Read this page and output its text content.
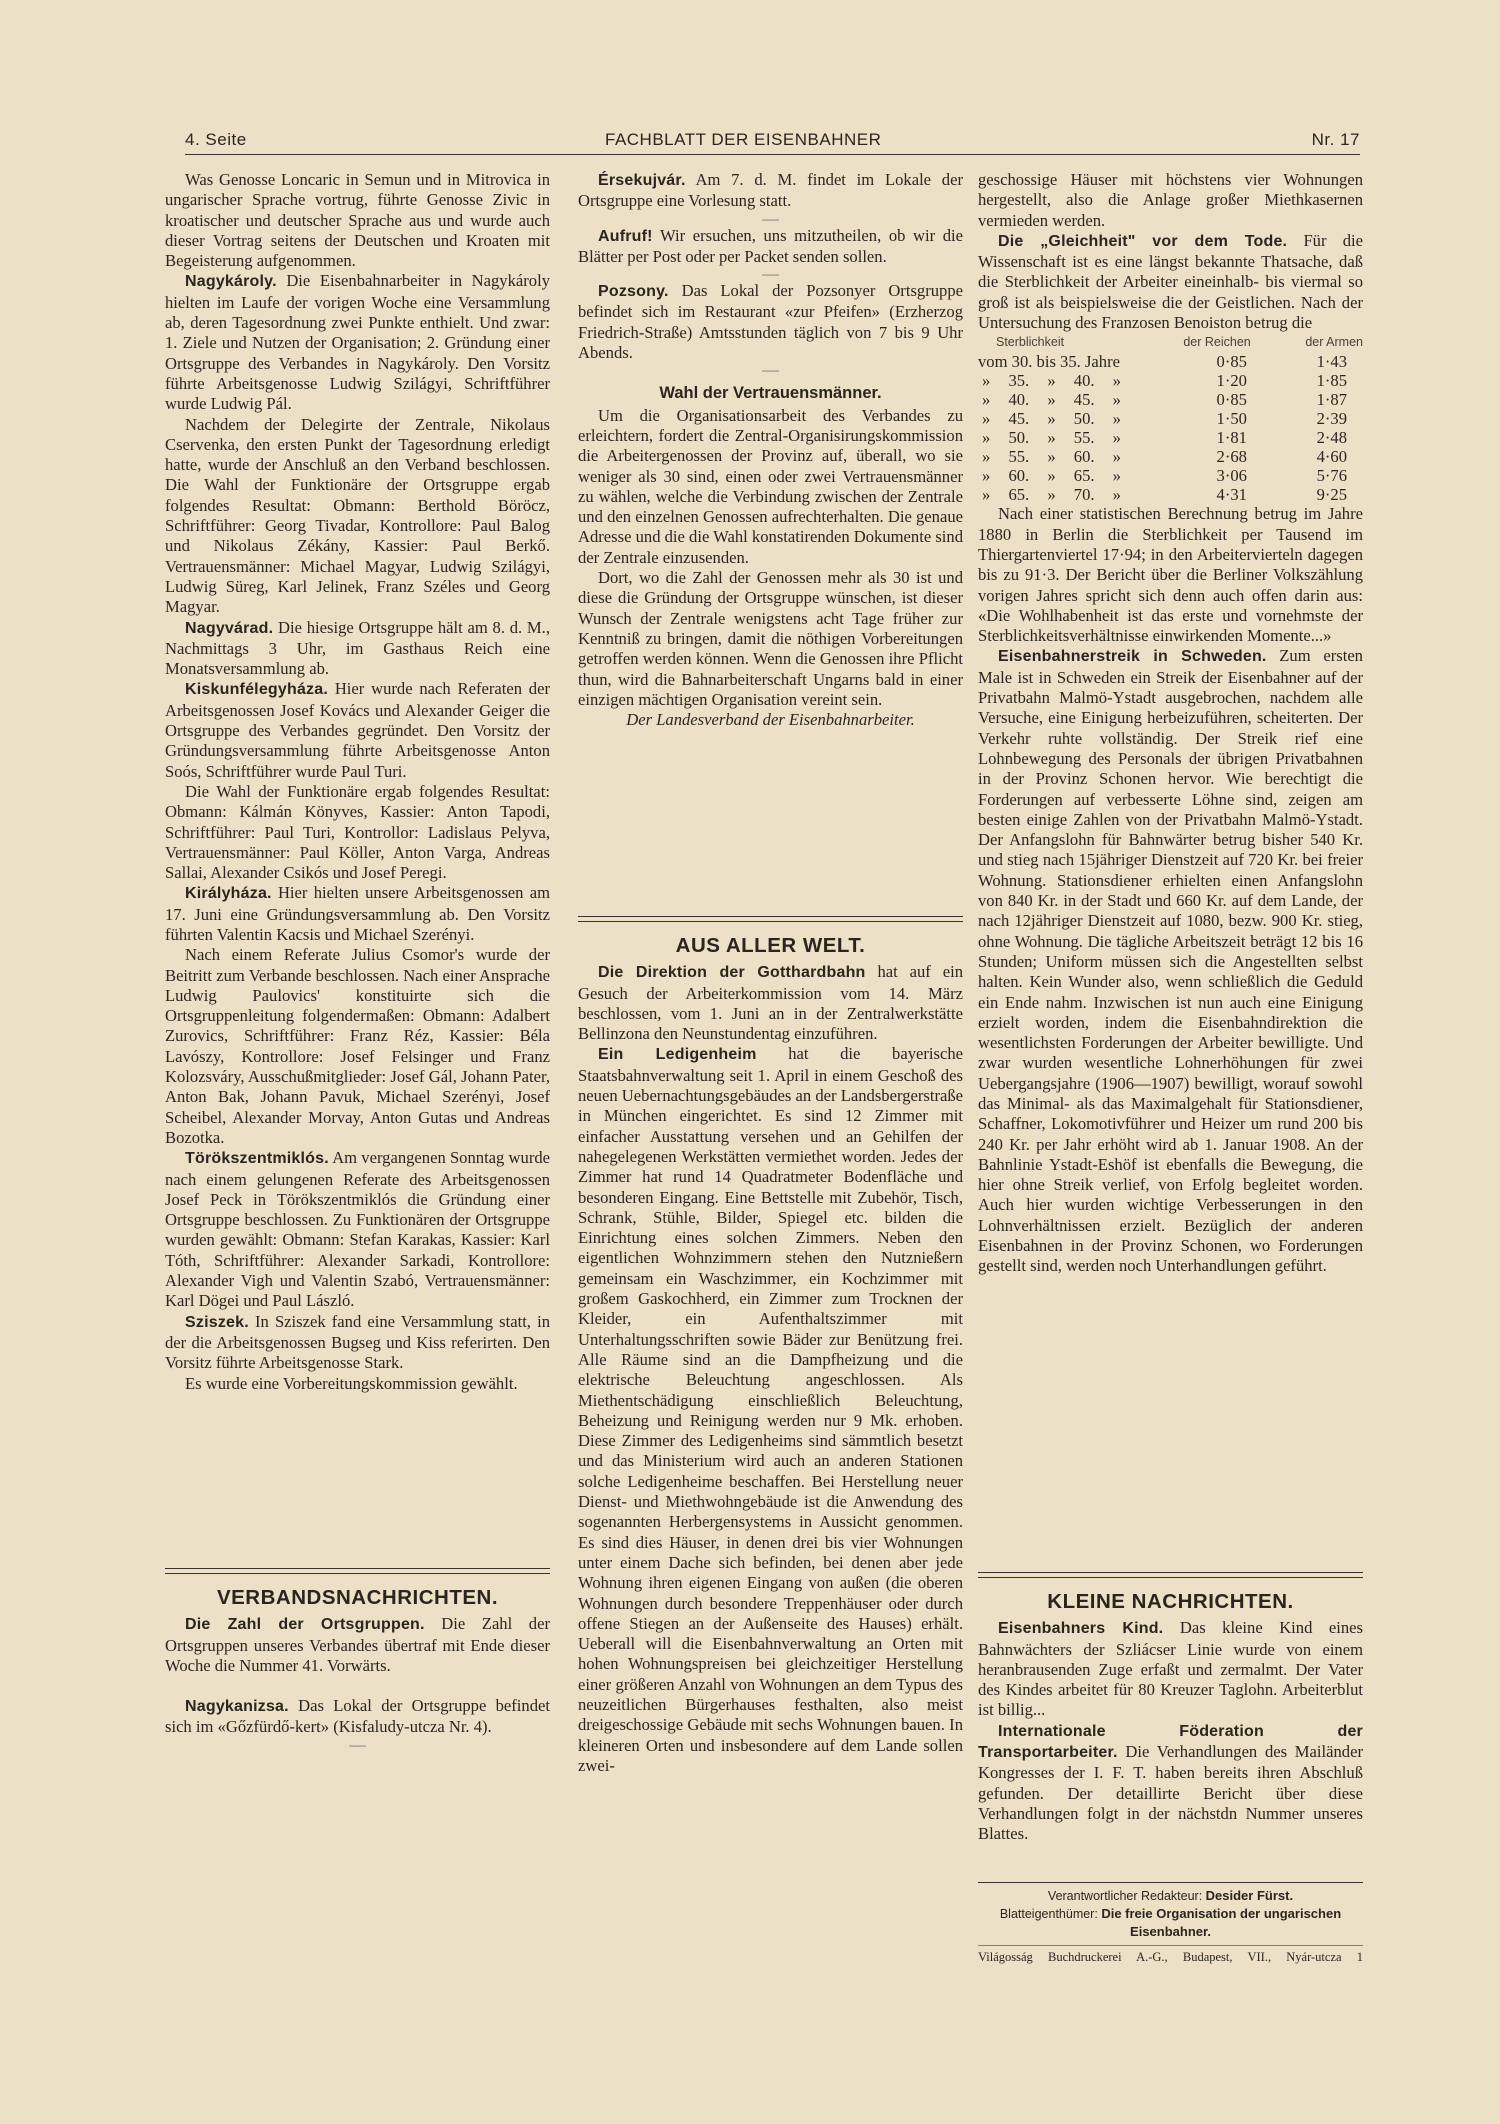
4. Seite	FACHBLATT DER EISENBAHNER	Nr. 17

Was Genosse Loncaric in Semun und in Mitrovica in ungarischer Sprache vortrug, führte Genosse Zivic in kroatischer und deutscher Sprache aus und wurde auch dieser Vortrag seitens der Deutschen und Kroaten mit Begeisterung aufgenommen.

Nagykároly. Die Eisenbahnarbeiter in Nagykároly hielten im Laufe der vorigen Woche eine Versammlung ab, deren Tagesordnung zwei Punkte enthielt. Und zwar: 1. Ziele und Nutzen der Organisation; 2. Gründung einer Ortsgruppe des Verbandes in Nagykároly. Den Vorsitz führte Arbeitsgenosse Ludwig Szilágyi, Schriftführer wurde Ludwig Pál.

Nachdem der Delegirte der Zentrale, Nikolaus Cservenka, den ersten Punkt der Tagesordnung erledigt hatte, wurde der Anschluß an den Verband beschlossen. Die Wahl der Funktionäre der Ortsgruppe ergab folgendes Resultat: Obmann: Berthold Böröcz, Schriftführer: Georg Tivadar, Kontrollore: Paul Balog und Nikolaus Zékány, Kassier: Paul Berkő. Vertrauensmänner: Michael Magyar, Ludwig Szilágyi, Ludwig Süreg, Karl Jelinek, Franz Széles und Georg Magyar.

Nagyvárad. Die hiesige Ortsgruppe hält am 8. d. M., Nachmittags 3 Uhr, im Gasthaus Reich eine Monatsversammlung ab.

Kiskunfélegyháza. Hier wurde nach Referaten der Arbeitsgenossen Josef Kovács und Alexander Geiger die Ortsgruppe des Verbandes gegründet. Den Vorsitz der Gründungsversammlung führte Arbeitsgenosse Anton Soós, Schriftführer wurde Paul Turi.

Die Wahl der Funktionäre ergab folgendes Resultat: Obmann: Kálmán Könyves, Kassier: Anton Tapodi, Schriftführer: Paul Turi, Kontrollor: Ladislaus Pelyva, Vertrauensmänner: Paul Köller, Anton Varga, Andreas Sallai, Alexander Csikós und Josef Peregi.

Királyháza. Hier hielten unsere Arbeitsgenossen am 17. Juni eine Gründungsversammlung ab. Den Vorsitz führten Valentin Kacsis und Michael Szerényi.

Nach einem Referate Julius Csomor's wurde der Beitritt zum Verbande beschlossen. Nach einer Ansprache Ludwig Paulovics' konstituirte sich die Ortsgruppenleitung folgendermaßen: Obmann: Adalbert Zurovics, Schriftführer: Franz Réz, Kassier: Béla Lavószy, Kontrollore: Josef Felsinger und Franz Kolozsváry, Ausschußmitglieder: Josef Gál, Johann Pater, Anton Bak, Johann Pavuk, Michael Szerényi, Josef Scheibel, Alexander Morvay, Anton Gutas und Andreas Bozotka.

Törökszentmiklós. Am vergangenen Sonntag wurde nach einem gelungenen Referate des Arbeitsgenossen Josef Peck in Törökszentmiklós die Gründung einer Ortsgruppe beschlossen. Zu Funktionären der Ortsgruppe wurden gewählt: Obmann: Stefan Karakas, Kassier: Karl Tóth, Schriftführer: Alexander Sarkadi, Kontrollore: Alexander Vigh und Valentin Szabó, Vertrauensmänner: Karl Dögei und Paul László.

Sziszek. In Sziszek fand eine Versammlung statt, in der die Arbeitsgenossen Bugseg und Kiss referirten. Den Vorsitz führte Arbeitsgenosse Stark.

Es wurde eine Vorbereitungskommission gewählt.

VERBANDSNACHRICHTEN.

Die Zahl der Ortsgruppen. Die Zahl der Ortsgruppen unseres Verbandes übertraf mit Ende dieser Woche die Nummer 41. Vorwärts.

Nagykanizsa. Das Lokal der Ortsgruppe befindet sich im «Gőzfürdő-kert» (Kisfaludy-utcza Nr. 4).

—

Érsekujvár. Am 7. d. M. findet im Lokale der Ortsgruppe eine Vorlesung statt.

—

Aufruf! Wir ersuchen, uns mitzutheilen, ob wir die Blätter per Post oder per Packet senden sollen.

—

Pozsony. Das Lokal der Pozsonyer Ortsgruppe befindet sich im Restaurant «zur Pfeifen» (Erzherzog Friedrich-Straße) Amtsstunden täglich von 7 bis 9 Uhr Abends.

—

Wahl der Vertrauensmänner.

Um die Organisationsarbeit des Verbandes zu erleichtern, fordert die Zentral-Organisirungskommission die Arbeitergenossen der Provinz auf, überall, wo sie weniger als 30 sind, einen oder zwei Vertrauensmänner zu wählen, welche die Verbindung zwischen der Zentrale und den einzelnen Genossen aufrechterhalten. Die genaue Adresse und die die Wahl konstatirenden Dokumente sind der Zentrale einzusenden.

Dort, wo die Zahl der Genossen mehr als 30 ist und diese die Gründung der Ortsgruppe wünschen, ist dieser Wunsch der Zentrale wenigstens acht Tage früher zur Kenntniß zu bringen, damit die nöthigen Vorbereitungen getroffen werden können. Wenn die Genossen ihre Pflicht thun, wird die Bahnarbeiterschaft Ungarns bald in einer einzigen mächtigen Organisation vereint sein.

Der Landesverband der Eisenbahnarbeiter.

AUS ALLER WELT.

Die Direktion der Gotthardbahn hat auf ein Gesuch der Arbeiterkommission vom 14. März beschlossen, vom 1. Juni an in der Zentralwerkstätte Bellinzona den Neunstundentag einzuführen.

Ein Ledigenheim hat die bayerische Staatsbahnverwaltung seit 1. April in einem Geschoß des neuen Uebernachtungsgebäudes an der Landsbergerstraße in München eingerichtet. Es sind 12 Zimmer mit einfacher Ausstattung versehen und an Gehilfen der nahegelegenen Werkstätten vermiethet worden. Jedes der Zimmer hat rund 14 Quadratmeter Bodenfläche und besonderen Eingang. Eine Bettstelle mit Zubehör, Tisch, Schrank, Stühle, Bilder, Spiegel etc. bilden die Einrichtung eines solchen Zimmers. Neben den eigentlichen Wohnzimmern stehen den Nutznießern gemeinsam ein Waschzimmer, ein Kochzimmer mit großem Gaskochherd, ein Zimmer zum Trocknen der Kleider, ein Aufenthaltszimmer mit Unterhaltungsschriften sowie Bäder zur Benützung frei. Alle Räume sind an die Dampfheizung und die elektrische Beleuchtung angeschlossen. Als Miethentschädigung einschließlich Beleuchtung, Beheizung und Reinigung werden nur 9 Mk. erhoben. Diese Zimmer des Ledigenheims sind sämmtlich besetzt und das Ministerium wird auch an anderen Stationen solche Ledigenheime beschaffen. Bei Herstellung neuer Dienst- und Miethwohngebäude ist die Anwendung des sogenannten Herbergensystems in Aussicht genommen. Es sind dies Häuser, in denen drei bis vier Wohnungen unter einem Dache sich befinden, bei denen aber jede Wohnung ihren eigenen Eingang von außen (die oberen Wohnungen durch besondere Treppenhäuser oder durch offene Stiegen an der Außenseite des Hauses) erhält. Ueberall will die Eisenbahnverwaltung an Orten mit hohen Wohnungspreisen bei gleichzeitiger Herstellung einer größeren Anzahl von Wohnungen an dem Typus des neuzeitlichen Bürgerhauses festhalten, also meist dreigeschossige Gebäude mit sechs Wohnungen bauen. In kleineren Orten und insbesondere auf dem Lande sollen zwei-

geschossige Häuser mit höchstens vier Wohnungen hergestellt, also die Anlage großer Miethkasernen vermieden werden.

Die „Gleichheit" vor dem Tode. Für die Wissenschaft ist es eine längst bekannte Thatsache, daß die Sterblichkeit der Arbeiter eineinhalb- bis viermal so groß ist als beispielsweise die der Geistlichen. Nach der Untersuchung des Franzosen Benoiston betrug die

Sterblichkeit	der Reichen	der Armen
vom 30. bis 35. Jahre	0·85	1·43
» 35. » 40. »	1·20	1·85
» 40. » 45. »	0·85	1·87
» 45. » 50. »	1·50	2·39
» 50. » 55. »	1·81	2·48
» 55. » 60. »	2·68	4·60
» 60. » 65. »	3·06	5·76
» 65. » 70. »	4·31	9·25

Nach einer statistischen Berechnung betrug im Jahre 1880 in Berlin die Sterblichkeit per Tausend im Thiergartenviertel 17·94; in den Arbeitervierteln dagegen bis zu 91·3. Der Bericht über die Berliner Volkszählung vorigen Jahres spricht sich denn auch offen darin aus: «Die Wohlhabenheit ist das erste und vornehmste der Sterblichkeitsverhältnisse einwirkenden Momente...»

Eisenbahnerstreik in Schweden. Zum ersten Male ist in Schweden ein Streik der Eisenbahner auf der Privatbahn Malmö-Ystadt ausgebrochen, nachdem alle Versuche, eine Einigung herbeizuführen, scheiterten. Der Verkehr ruhte vollständig. Der Streik rief eine Lohnbewegung des Personals der übrigen Privatbahnen in der Provinz Schonen hervor. Wie berechtigt die Forderungen auf verbesserte Löhne sind, zeigen am besten einige Zahlen von der Privatbahn Malmö-Ystadt. Der Anfangslohn für Bahnwärter betrug bisher 540 Kr. und stieg nach 15jähriger Dienstzeit auf 720 Kr. bei freier Wohnung. Stationsdiener erhielten einen Anfangslohn von 840 Kr. in der Stadt und 660 Kr. auf dem Lande, der nach 12jähriger Dienstzeit auf 1080, bezw. 900 Kr. stieg, ohne Wohnung. Die tägliche Arbeitszeit beträgt 12 bis 16 Stunden; Uniform müssen sich die Angestellten selbst halten. Kein Wunder also, wenn schließlich die Geduld ein Ende nahm. Inzwischen ist nun auch eine Einigung erzielt worden, indem die Eisenbahndirektion die wesentlichsten Forderungen der Arbeiter bewilligte. Und zwar wurden wesentliche Lohnerhöhungen für zwei Uebergangsjahre (1906—1907) bewilligt, worauf sowohl das Minimal- als das Maximalgehalt für Stationsdiener, Schaffner, Lokomotivführer und Heizer um rund 200 bis 240 Kr. per Jahr erhöht wird ab 1. Januar 1908. An der Bahnlinie Ystadt-Eshöf ist ebenfalls die Bewegung, die hier ohne Streik verlief, von Erfolg begleitet worden. Auch hier wurden wichtige Verbesserungen in den Lohnverhältnissen erzielt. Bezüglich der anderen Eisenbahnen in der Provinz Schonen, wo Forderungen gestellt sind, werden noch Unterhandlungen geführt.

KLEINE NACHRICHTEN.

Eisenbahners Kind. Das kleine Kind eines Bahnwächters der Szliácser Linie wurde von einem heranbrausenden Zuge erfaßt und zermalmt. Der Vater des Kindes arbeitet für 80 Kreuzer Taglohn. Arbeiterblut ist billig...

Internationale Föderation der Transportarbeiter. Die Verhandlungen des Mailänder Kongresses der I. F. T. haben bereits ihren Abschluß gefunden. Der detaillirte Bericht über diese Verhandlungen folgt in der nächstdn Nummer unseres Blattes.

Verantwortlicher Redakteur: Desider Fürst.
Blatteigenthümer: Die freie Organisation der ungarischen Eisenbahner.
Világosság Buchdruckerei A.-G., Budapest, VII., Nyár-utcza 1
